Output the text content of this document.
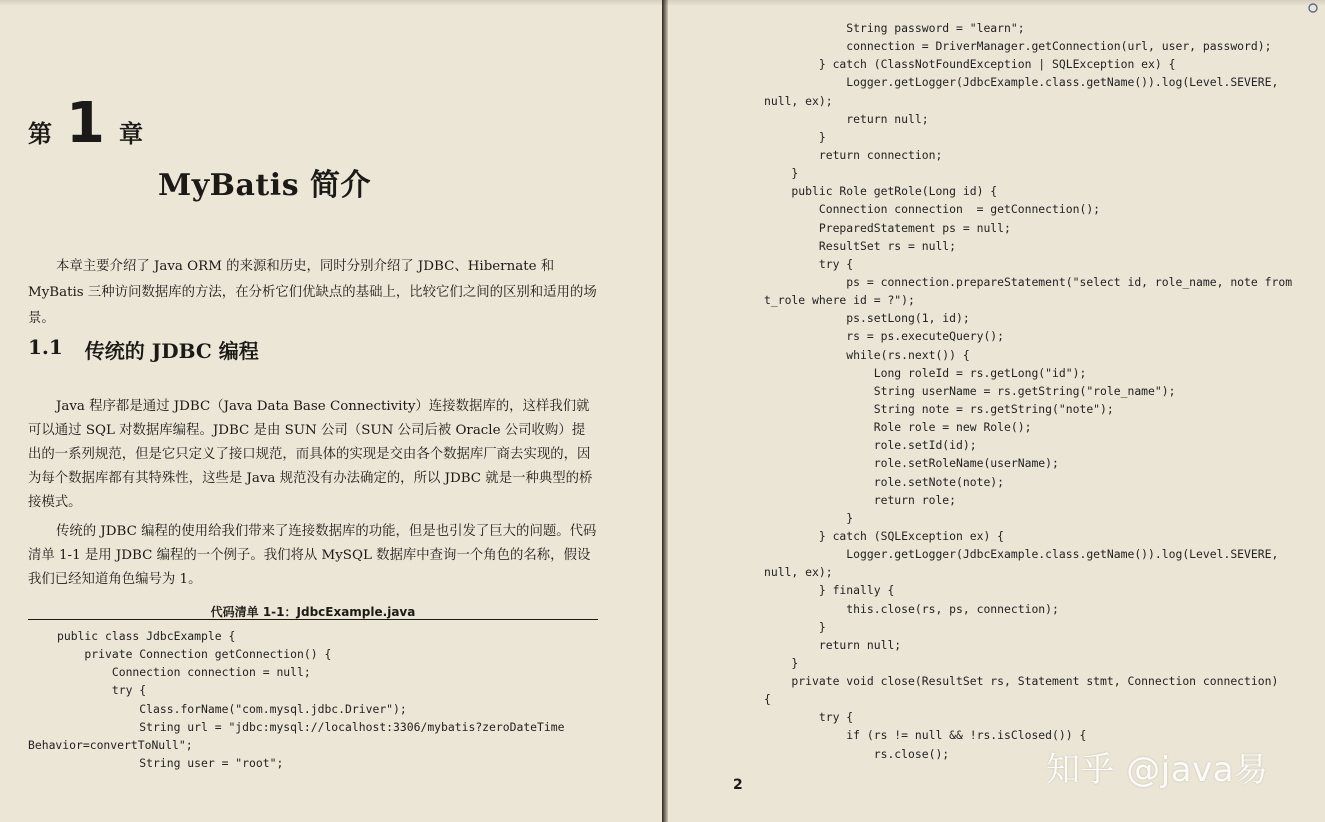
第 1 章
MyBatis 简介

本章主要介绍了 Java ORM 的来源和历史，同时分别介绍了 JDBC、Hibernate 和 MyBatis 三种访问数据库的方法，在分析它们优缺点的基础上，比较它们之间的区别和适用的场景。

1.1 传统的 JDBC 编程

Java 程序都是通过 JDBC（Java Data Base Connectivity）连接数据库的，这样我们就可以通过 SQL 对数据库编程。JDBC 是由 SUN 公司（SUN 公司后被 Oracle 公司收购）提出的一系列规范，但是它只定义了接口规范，而具体的实现是交由各个数据库厂商去实现的，因为每个数据库都有其特殊性，这些是 Java 规范没有办法确定的，所以 JDBC 就是一种典型的桥接模式。

传统的 JDBC 编程的使用给我们带来了连接数据库的功能，但是也引发了巨大的问题。代码清单 1-1 是用 JDBC 编程的一个例子。我们将从 MySQL 数据库中查询一个角色的名称，假设我们已经知道角色编号为 1。

代码清单 1-1：JdbcExample.java
public class JdbcExample {
private Connection getConnection() {
Connection connection = null;
try {
Class.forName("com.mysql.jdbc.Driver");
String url = "jdbc:mysql://localhost:3306/mybatis?zeroDateTime
Behavior=convertToNull";
String user = "root";
String password = "learn";
connection = DriverManager.getConnection(url, user, password);
} catch (ClassNotFoundException | SQLException ex) {
Logger.getLogger(JdbcExample.class.getName()).log(Level.SEVERE,
null, ex);
return null;
}
return connection;
}
public Role getRole(Long id) {
Connection connection  = getConnection();
PreparedStatement ps = null;
ResultSet rs = null;
try {
ps = connection.prepareStatement("select id, role_name, note from
t_role where id = ?");
ps.setLong(1, id);
rs = ps.executeQuery();
while(rs.next()) {
Long roleId = rs.getLong("id");
String userName = rs.getString("role_name");
String note = rs.getString("note");
Role role = new Role();
role.setId(id);
role.setRoleName(userName);
role.setNote(note);
return role;
}
} catch (SQLException ex) {
Logger.getLogger(JdbcExample.class.getName()).log(Level.SEVERE,
null, ex);
} finally {
this.close(rs, ps, connection);
}
return null;
}
private void close(ResultSet rs, Statement stmt, Connection connection)
{
try {
if (rs != null && !rs.isClosed()) {
rs.close();
2	知乎 @java易
